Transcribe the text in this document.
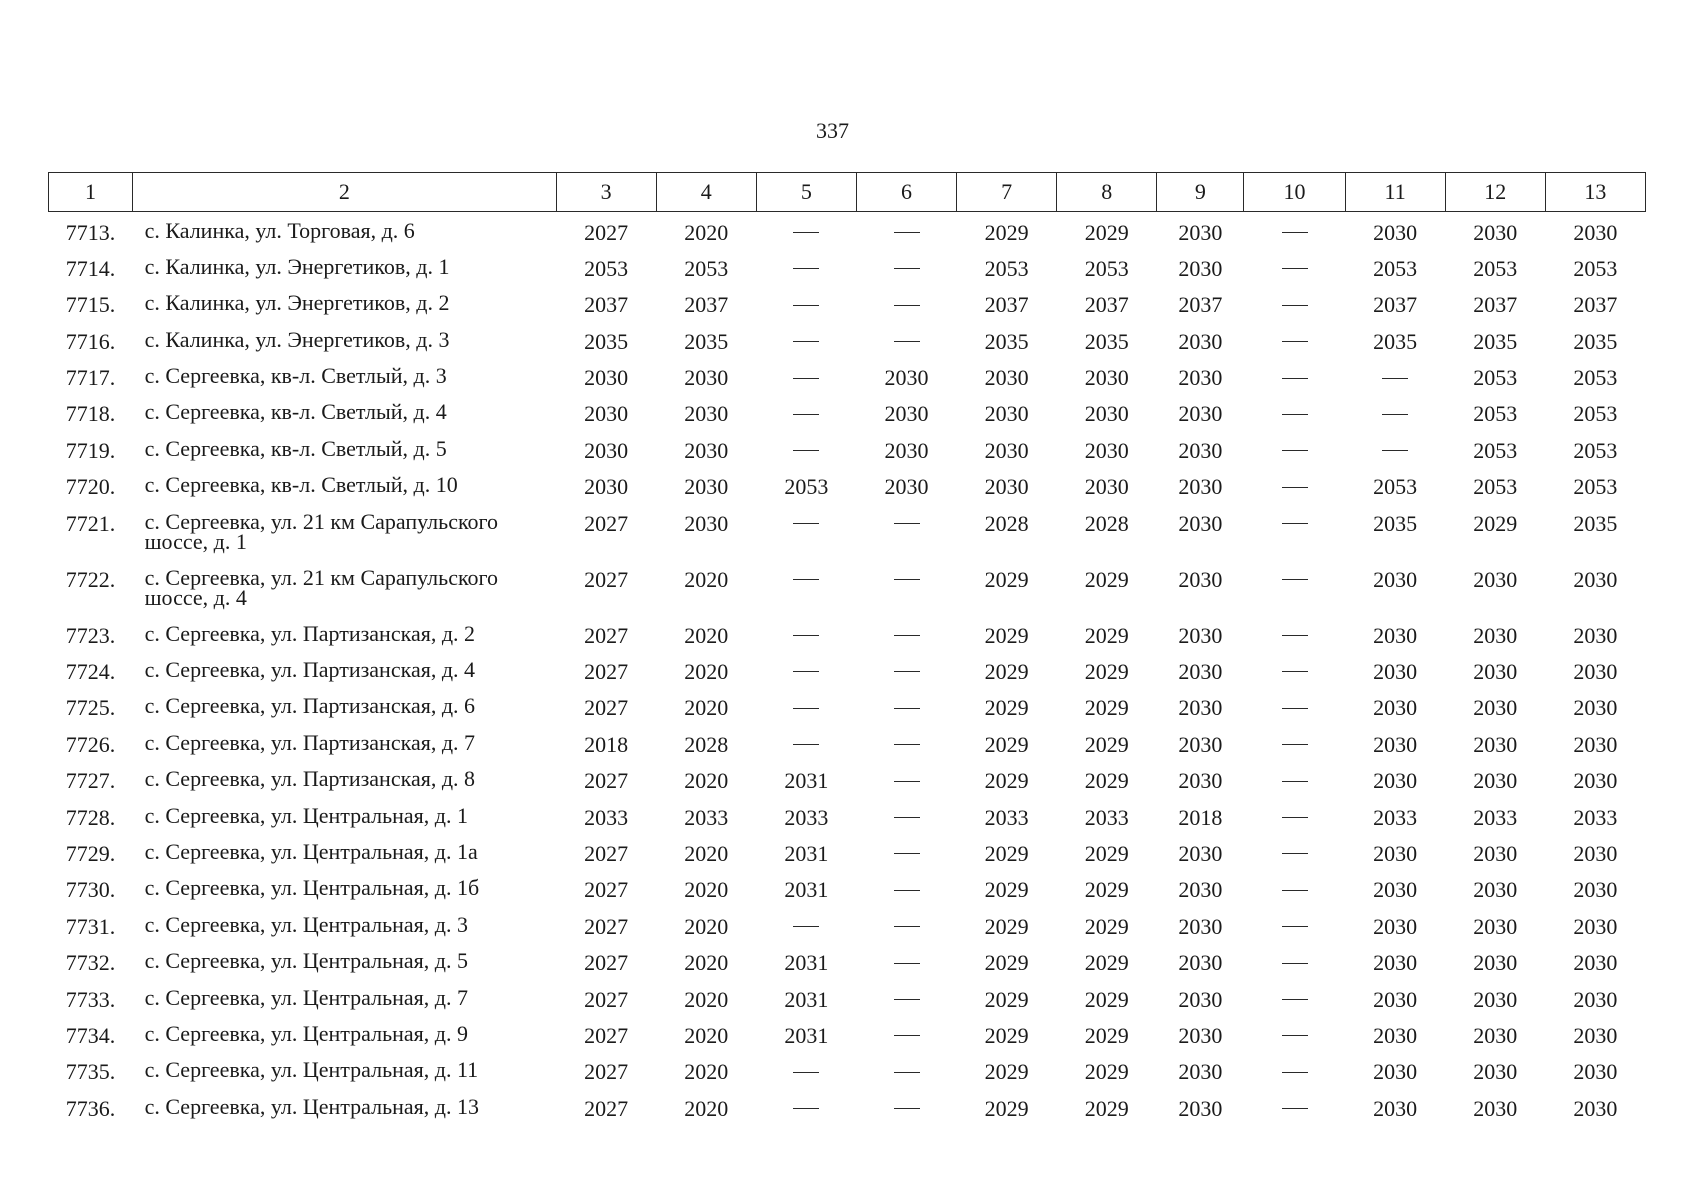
337
1	2	3	4	5	6	7	8	9	10	11	12	13
7713.	с. Калинка, ул. Торговая, д. 6	2027	2020			2029	2029	2030		2030	2030	2030
7714.	с. Калинка, ул. Энергетиков, д. 1	2053	2053			2053	2053	2030		2053	2053	2053
7715.	с. Калинка, ул. Энергетиков, д. 2	2037	2037			2037	2037	2037		2037	2037	2037
7716.	с. Калинка, ул. Энергетиков, д. 3	2035	2035			2035	2035	2030		2035	2035	2035
7717.	с. Сергеевка, кв-л. Светлый, д. 3	2030	2030		2030	2030	2030	2030			2053	2053
7718.	с. Сергеевка, кв-л. Светлый, д. 4	2030	2030		2030	2030	2030	2030			2053	2053
7719.	с. Сергеевка, кв-л. Светлый, д. 5	2030	2030		2030	2030	2030	2030			2053	2053
7720.	с. Сергеевка, кв-л. Светлый, д. 10	2030	2030	2053	2030	2030	2030	2030		2053	2053	2053
7721.	с. Сергеевка, ул. 21 км Сарапульского шоссе, д. 1	2027	2030			2028	2028	2030		2035	2029	2035
7722.	с. Сергеевка, ул. 21 км Сарапульского шоссе, д. 4	2027	2020			2029	2029	2030		2030	2030	2030
7723.	с. Сергеевка, ул. Партизанская, д. 2	2027	2020			2029	2029	2030		2030	2030	2030
7724.	с. Сергеевка, ул. Партизанская, д. 4	2027	2020			2029	2029	2030		2030	2030	2030
7725.	с. Сергеевка, ул. Партизанская, д. 6	2027	2020			2029	2029	2030		2030	2030	2030
7726.	с. Сергеевка, ул. Партизанская, д. 7	2018	2028			2029	2029	2030		2030	2030	2030
7727.	с. Сергеевка, ул. Партизанская, д. 8	2027	2020	2031		2029	2029	2030		2030	2030	2030
7728.	с. Сергеевка, ул. Центральная, д. 1	2033	2033	2033		2033	2033	2018		2033	2033	2033
7729.	с. Сергеевка, ул. Центральная, д. 1а	2027	2020	2031		2029	2029	2030		2030	2030	2030
7730.	с. Сергеевка, ул. Центральная, д. 1б	2027	2020	2031		2029	2029	2030		2030	2030	2030
7731.	с. Сергеевка, ул. Центральная, д. 3	2027	2020			2029	2029	2030		2030	2030	2030
7732.	с. Сергеевка, ул. Центральная, д. 5	2027	2020	2031		2029	2029	2030		2030	2030	2030
7733.	с. Сергеевка, ул. Центральная, д. 7	2027	2020	2031		2029	2029	2030		2030	2030	2030
7734.	с. Сергеевка, ул. Центральная, д. 9	2027	2020	2031		2029	2029	2030		2030	2030	2030
7735.	с. Сергеевка, ул. Центральная, д. 11	2027	2020			2029	2029	2030		2030	2030	2030
7736.	с. Сергеевка, ул. Центральная, д. 13	2027	2020			2029	2029	2030		2030	2030	2030
